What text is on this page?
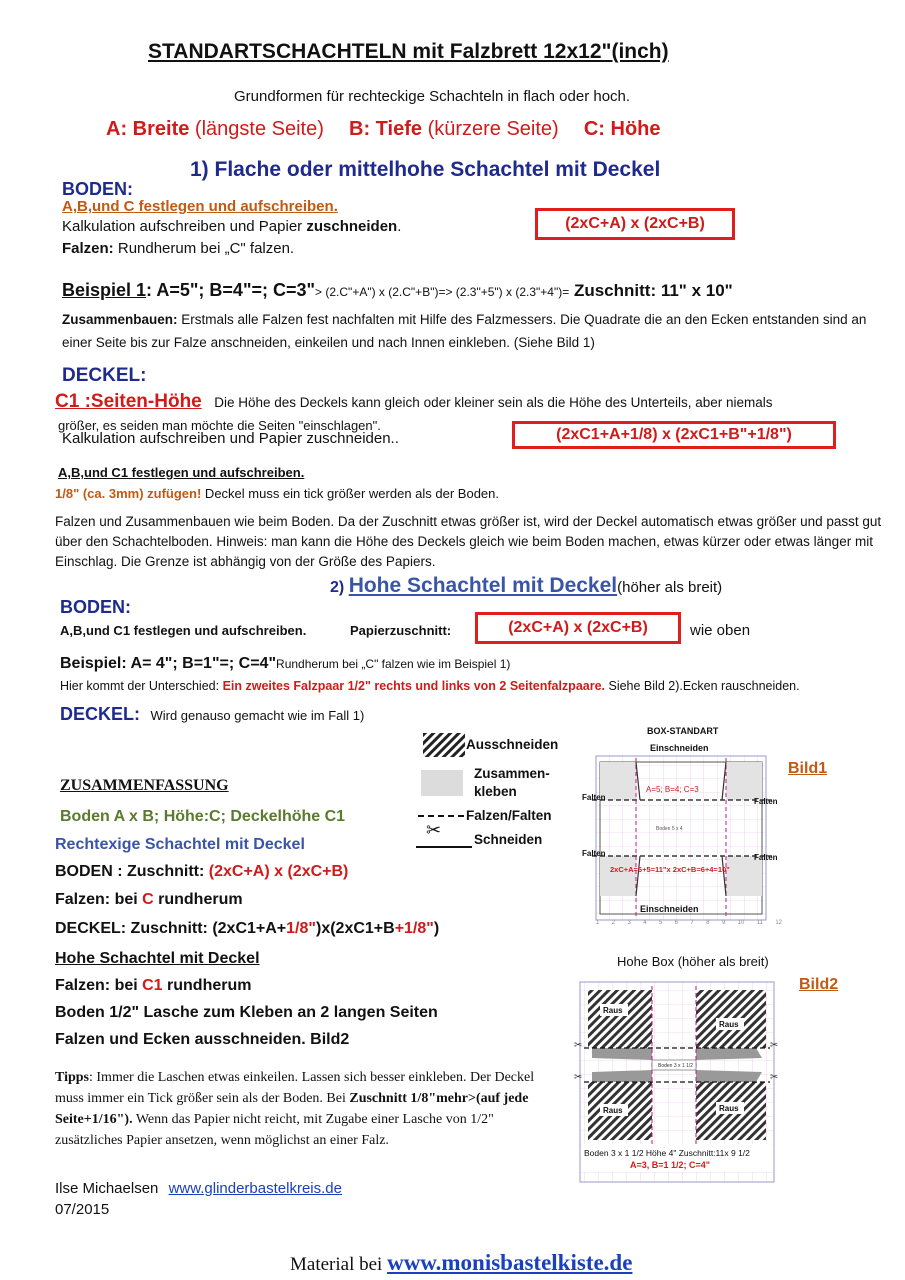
STANDARTSCHACHTELN mit Falzbrett 12x12"(inch)
Grundformen für rechteckige Schachteln in flach oder hoch.
A: Breite (längste Seite) B: Tiefe (kürzere Seite) C: Höhe
1) Flache oder mittelhohe Schachtel mit Deckel
BODEN:
A,B,und C festlegen und aufschreiben.
Kalkulation aufschreiben und Papier zuschneiden.
Falzen: Rundherum bei „C" falzen.
(2xC+A) x (2xC+B)
Beispiel 1: A=5"; B=4"=; C=3"> (2.C"+A") x (2.C"+B")=> (2.3"+5") x (2.3"+4")= Zuschnitt: 11" x 10"
Zusammenbauen: Erstmals alle Falzen fest nachfalten mit Hilfe des Falzmessers. Die Quadrate die an den Ecken entstanden sind an einer Seite bis zur Falze anschneiden, einkeilen und nach Innen einkleben. (Siehe Bild 1)
DECKEL:
C1 :Seiten-Höhe Die Höhe des Deckels kann gleich oder kleiner sein als die Höhe des Unterteils, aber niemals
größer, es seiden man möchte die Seiten "einschlagen".
Kalkulation aufschreiben und Papier zuschneiden..	(2xC1+A+1/8) x (2xC1+B"+1/8")
A,B,und C1 festlegen und aufschreiben.
1/8" (ca. 3mm) zufügen! Deckel muss ein tick größer werden als der Boden.
Falzen und Zusammenbauen wie beim Boden. Da der Zuschnitt etwas größer ist, wird der Deckel automatisch etwas größer und passt gut über den Schachtelboden. Hinweis: man kann die Höhe des Deckels gleich wie beim Boden machen, etwas kürzer oder etwas länger mit Einschlag. Die Grenze ist abhängig von der Größe des Papiers.
2) Hohe Schachtel mit Deckel(höher als breit)
BODEN:
A,B,und C1 festlegen und aufschreiben.	Papierzuschnitt:	(2xC+A) x (2xC+B)	wie oben
Beispiel: A= 4"; B=1"=; C=4"Rundherum bei „C" falzen wie im Beispiel 1)
Hier kommt der Unterschied: Ein zweites Falzpaar 1/2" rechts und links von 2 Seitenfalzpaare. Siehe Bild 2).Ecken rauschneiden.
DECKEL: Wird genauso gemacht wie im Fall 1)
Ausschneiden
Zusammen-
kleben
Falzen/Falten
✂ Schneiden
ZUSAMMENFASSUNG
Boden A x B; Höhe:C; Deckelhöhe C1
Rechtexige Schachtel mit Deckel
BODEN : Zuschnitt: (2xC+A) x (2xC+B)
Falzen: bei C rundherum
DECKEL: Zuschnitt: (2xC1+A+1/8")x(2xC1+B+1/8")
Hohe Schachtel mit Deckel
Falzen: bei C1 rundherum
Boden 1/2" Lasche zum Kleben an 2 langen Seiten
Falzen und Ecken ausschneiden. Bild2
Tipps: Immer die Laschen etwas einkeilen. Lassen sich besser einkleben. Der Deckel muss immer ein Tick größer sein als der Boden. Bei Zuschnitt 1/8"mehr>(auf jede Seite+1/16"). Wenn das Papier nicht reicht, mit Zugabe einer Lasche von 1/2" zusätzliches Papier ansetzen, wenn möglichst an einer Falz.
Ilse Michaelsen www.glinderbastelkreis.de
07/2015
Material bei www.monisbastelkiste.de
BOX-STANDART
Bild1
Einschneiden
Falten	Falten
Falten	Falten
A=5; B=4; C=3
Boden 5 x 4
2xC+A=6+5=11"x 2xC+B=6+4=10"
Einschneiden
1 2 3 4 5 6 7 8 9 10 11 12
Hohe Box (höher als breit)
Bild2
Raus
Raus
Raus	Raus
Boden 3 x 1 1/2
✂	✂
✂	✂
Boden 3 x 1 1/2 Höhe 4" Zuschnitt:11x 9 1/2
A=3, B=1 1/2; C=4"
